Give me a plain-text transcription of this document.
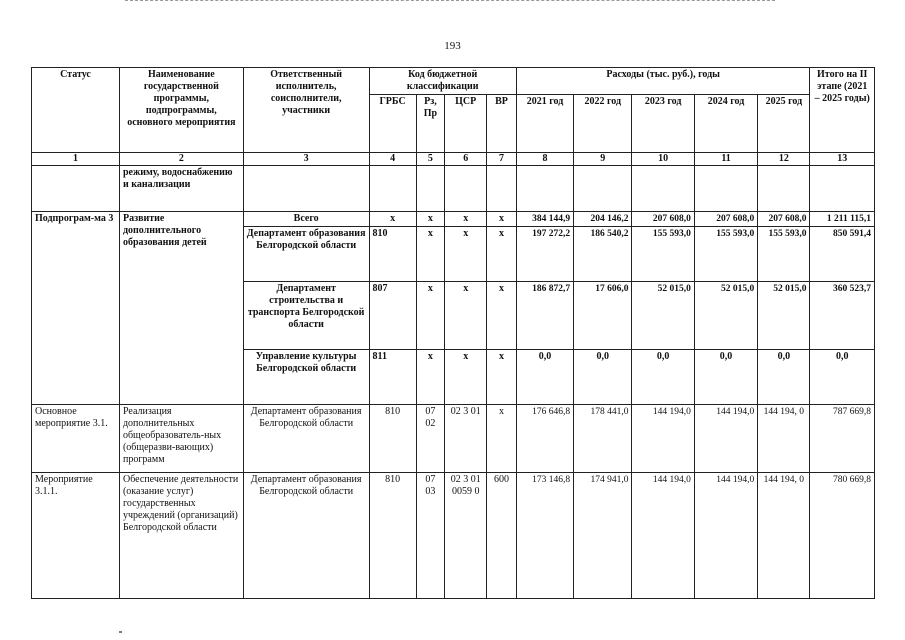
193
Статус	Наименование государственной программы, подпрограммы, основного мероприятия	Ответственный исполнитель, соисполнители, участники	Код бюджетной классификации				Расходы (тыс. руб.), годы					Итого на II этапе (2021 – 2025 годы)
			ГРБС	Рз, Пр	ЦСР	ВР	2021 год	2022 год	2023 год	2024 год	2025 год	
1	2	3	4	5	6	7	8	9	10	11	12	13
	режиму, водоснабжению и канализации											
Подпрограм-ма 3	Развитие дополнительного образования детей	Всего	x	x	x	x	384 144,9	204 146,2	207 608,0	207 608,0	207 608,0	1 211 115,1
		Департамент образования Белгородской области	810	x	x	x	197 272,2	186 540,2	155 593,0	155 593,0	155 593,0	850 591,4
		Департамент строительства и транспорта Белгородской области	807	x	x	x	186 872,7	17 606,0	52 015,0	52 015,0	52 015,0	360 523,7
		Управление культуры Белгородской области	811	x	x	x	0,0	0,0	0,0	0,0	0,0	0,0
Основное мероприятие 3.1.	Реализация дополнительных общеобразователь-ных (общеразви-вающих) программ	Департамент образования Белгородской области	810	07 02	02 3 01	x	176 646,8	178 441,0	144 194,0	144 194,0	144 194, 0	787 669,8
Мероприятие 3.1.1.	Обеспечение деятельности (оказание услуг) государственных учреждений (организаций) Белгородской области	Департамент образования Белгородской области	810	07 03	02 3 01 0059 0	600	173 146,8	174 941,0	144 194,0	144 194,0	144 194, 0	780 669,8
